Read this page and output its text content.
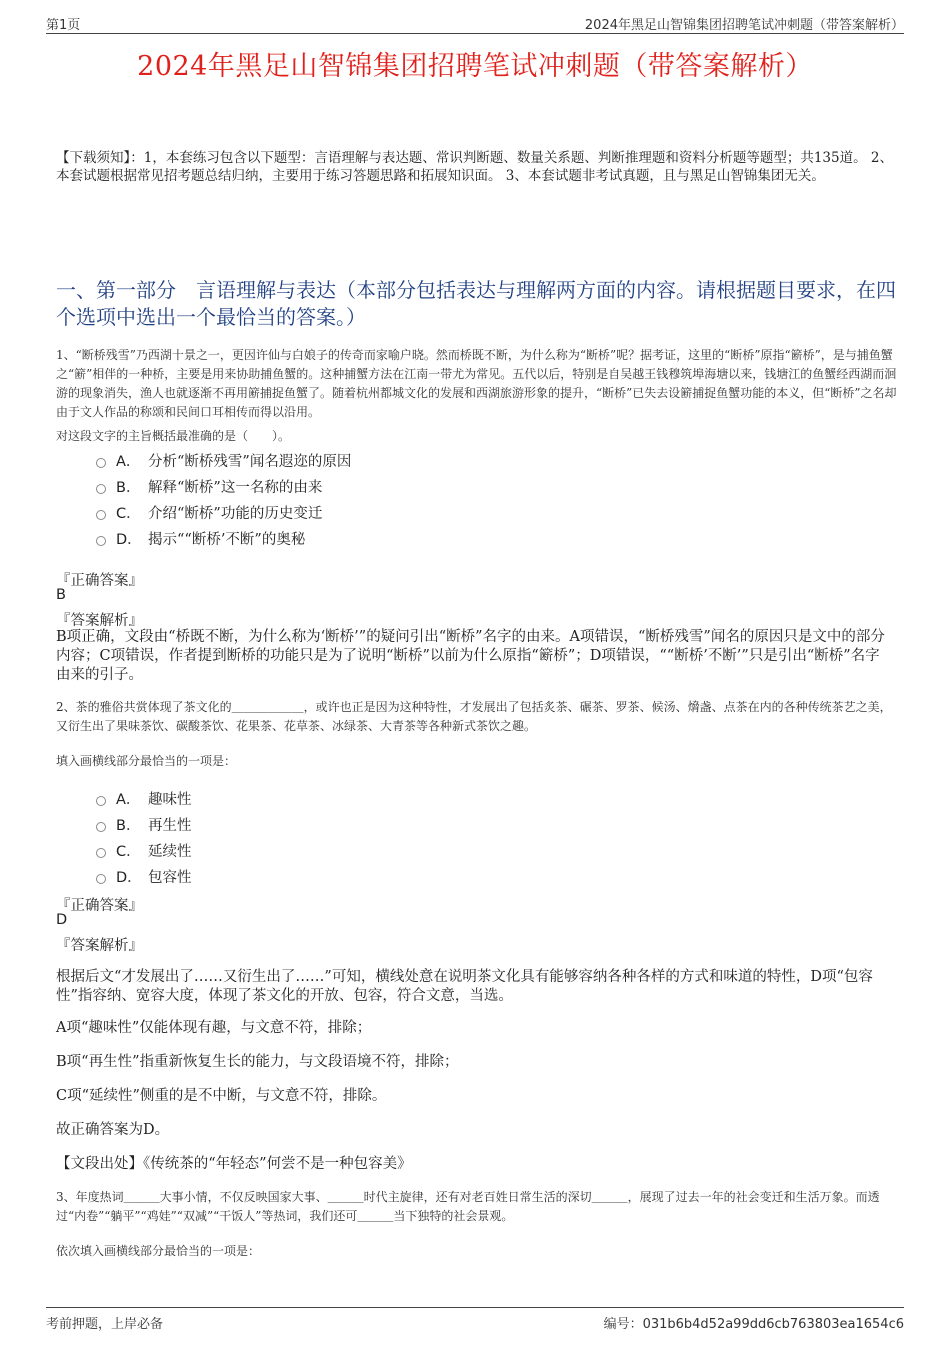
第1页	2024年黑足山智锦集团招聘笔试冲刺题（带答案解析）
2024年黑足山智锦集团招聘笔试冲刺题（带答案解析）
【下载须知】：1，本套练习包含以下题型：言语理解与表达题、常识判断题、数量关系题、判断推理题和资料分析题等题型；共135道。 2、本套试题根据常见招考题总结归纳，主要用于练习答题思路和拓展知识面。 3、本套试题非考试真题，且与黑足山智锦集团无关。
一、第一部分　言语理解与表达（本部分包括表达与理解两方面的内容。请根据题目要求，在四个选项中选出一个最恰当的答案。）
1、“断桥残雪”乃西湖十景之一，更因许仙与白娘子的传奇而家喻户晓。然而桥既不断，为什么称为“断桥”呢？据考证，这里的“断桥”原指“簖桥”，是与捕鱼蟹之“簖”相伴的一种桥，主要是用来协助捕鱼蟹的。这种捕蟹方法在江南一带尤为常见。五代以后，特别是自吴越王钱穆筑埠海塘以来，钱塘江的鱼蟹经西湖而洄游的现象消失，渔人也就逐渐不再用簖捕捉鱼蟹了。随着杭州都城文化的发展和西湖旅游形象的提升，“断桥”已失去设簖捕捉鱼蟹功能的本义，但“断桥”之名却由于文人作品的称颂和民间口耳相传而得以沿用。
对这段文字的主旨概括最准确的是（　　）。
A． 分析“断桥残雪”闻名遐迩的原因
B． 解释“断桥”这一名称的由来
C． 介绍“断桥”功能的历史变迁
D． 揭示““断桥’不断”的奥秘
『正确答案』
B
『答案解析』
B项正确，文段由“桥既不断，为什么称为‘断桥’”的疑问引出“断桥”名字的由来。A项错误，“断桥残雪”闻名的原因只是文中的部分内容；C项错误，作者提到断桥的功能只是为了说明“断桥”以前为什么原指“簖桥”；D项错误，““断桥’不断’”只是引出“断桥”名字由来的引子。
2、茶的雅俗共赏体现了茶文化的＿＿＿＿＿＿，或许也正是因为这种特性，才发展出了包括炙茶、碾茶、罗茶、候汤、熁盏、点茶在内的各种传统茶艺之美，又衍生出了果味茶饮、碳酸茶饮、花果茶、花草茶、冰绿茶、大青茶等各种新式茶饮之趣。
填入画横线部分最恰当的一项是：
A． 趣味性
B． 再生性
C． 延续性
D． 包容性
『正确答案』
D
『答案解析』
根据后文“才发展出了……又衍生出了……”可知，横线处意在说明茶文化具有能够容纳各种各样的方式和味道的特性，D项“包容性”指容纳、宽容大度，体现了茶文化的开放、包容，符合文意，当选。
A项“趣味性”仅能体现有趣，与文意不符，排除；
B项“再生性”指重新恢复生长的能力，与文段语境不符，排除；
C项“延续性”侧重的是不中断，与文意不符，排除。
故正确答案为D。
【文段出处】《传统茶的“年轻态”何尝不是一种包容美》
3、年度热词＿＿＿大事小情，不仅反映国家大事、＿＿＿时代主旋律，还有对老百姓日常生活的深切＿＿＿，展现了过去一年的社会变迁和生活万象。而透过“内卷”“躺平”“鸡娃”“双减”“干饭人”等热词，我们还可＿＿＿当下独特的社会景观。
依次填入画横线部分最恰当的一项是：
考前押题，上岸必备	编号：031b6b4d52a99dd6cb763803ea1654c6
